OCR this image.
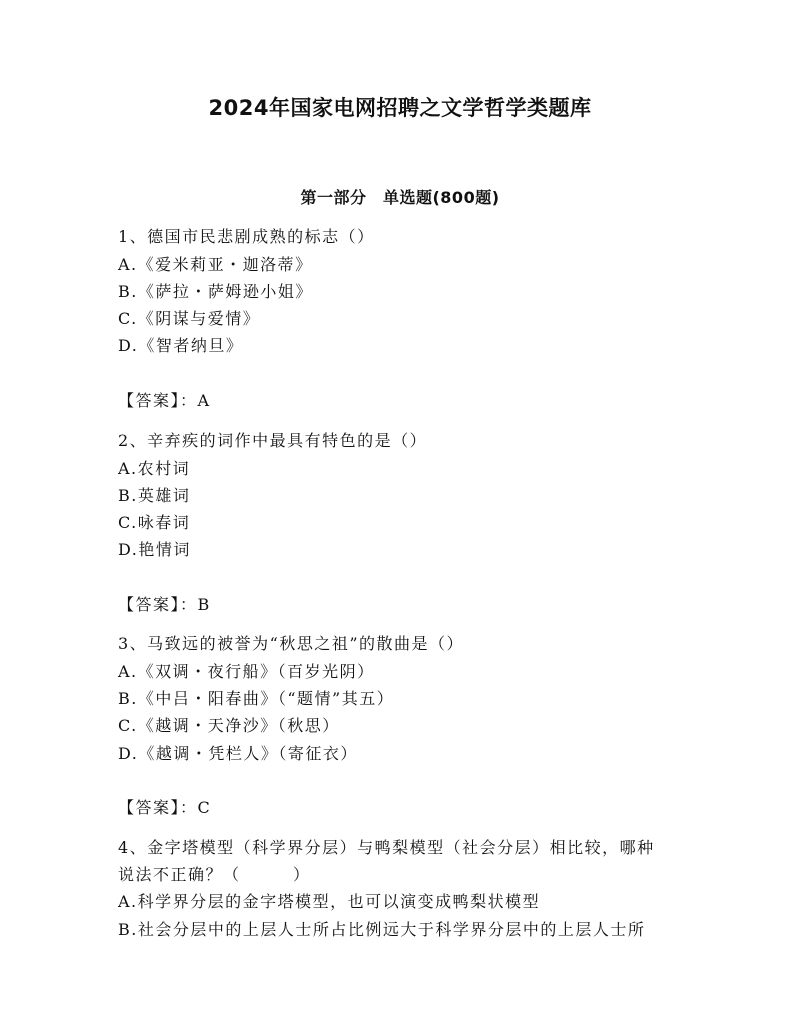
2024年国家电网招聘之文学哲学类题库
第一部分　单选题(800题)
1、德国市民悲剧成熟的标志（）
A.《爱米莉亚・迦洛蒂》
B.《萨拉・萨姆逊小姐》
C.《阴谋与爱情》
D.《智者纳旦》
【答案】：A
2、辛弃疾的词作中最具有特色的是（）
A.农村词
B.英雄词
C.咏春词
D.艳情词
【答案】：B
3、马致远的被誉为“秋思之祖”的散曲是（）
A.《双调・夜行船》（百岁光阴）
B.《中吕・阳春曲》（“题情”其五）
C.《越调・天净沙》（秋思）
D.《越调・凭栏人》（寄征衣）
【答案】：C
4、金字塔模型（科学界分层）与鸭梨模型（社会分层）相比较，哪种
说法不正确？（　　　）
A.科学界分层的金字塔模型，也可以演变成鸭梨状模型
B.社会分层中的上层人士所占比例远大于科学界分层中的上层人士所
